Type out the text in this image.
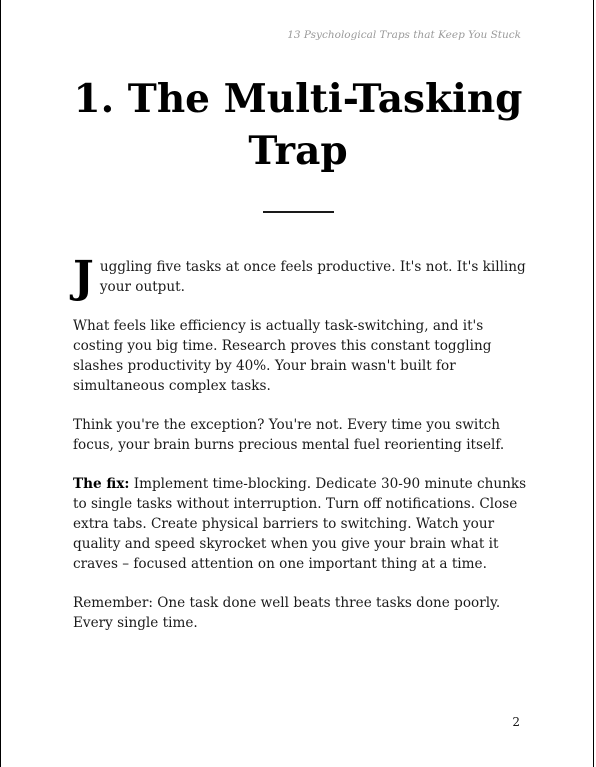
13 Psychological Traps that Keep You Stuck
1. The Multi-Tasking Trap

Juggling five tasks at once feels productive. It's not. It's killing your output.

What feels like efficiency is actually task-switching, and it's costing you big time. Research proves this constant toggling slashes productivity by 40%. Your brain wasn't built for simultaneous complex tasks.

Think you're the exception? You're not. Every time you switch focus, your brain burns precious mental fuel reorienting itself.

The fix: Implement time-blocking. Dedicate 30-90 minute chunks to single tasks without interruption. Turn off notifications. Close extra tabs. Create physical barriers to switching. Watch your quality and speed skyrocket when you give your brain what it craves – focused attention on one important thing at a time.

Remember: One task done well beats three tasks done poorly. Every single time.

2
